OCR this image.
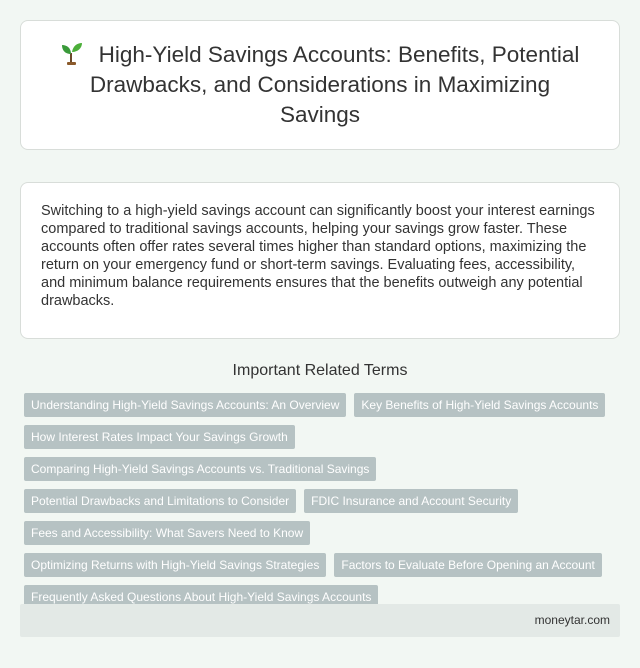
High-Yield Savings Accounts: Benefits, Potential Drawbacks, and Considerations in Maximizing Savings

Switching to a high-yield savings account can significantly boost your interest earnings compared to traditional savings accounts, helping your savings grow faster. These accounts often offer rates several times higher than standard options, maximizing the return on your emergency fund or short-term savings. Evaluating fees, accessibility, and minimum balance requirements ensures that the benefits outweigh any potential drawbacks.

Important Related Terms
Understanding High-Yield Savings Accounts: An Overview	Key Benefits of High-Yield Savings Accounts
How Interest Rates Impact Your Savings Growth
Comparing High-Yield Savings Accounts vs. Traditional Savings
Potential Drawbacks and Limitations to Consider	FDIC Insurance and Account Security
Fees and Accessibility: What Savers Need to Know
Optimizing Returns with High-Yield Savings Strategies	Factors to Evaluate Before Opening an Account
Frequently Asked Questions About High-Yield Savings Accounts
moneytar.com
